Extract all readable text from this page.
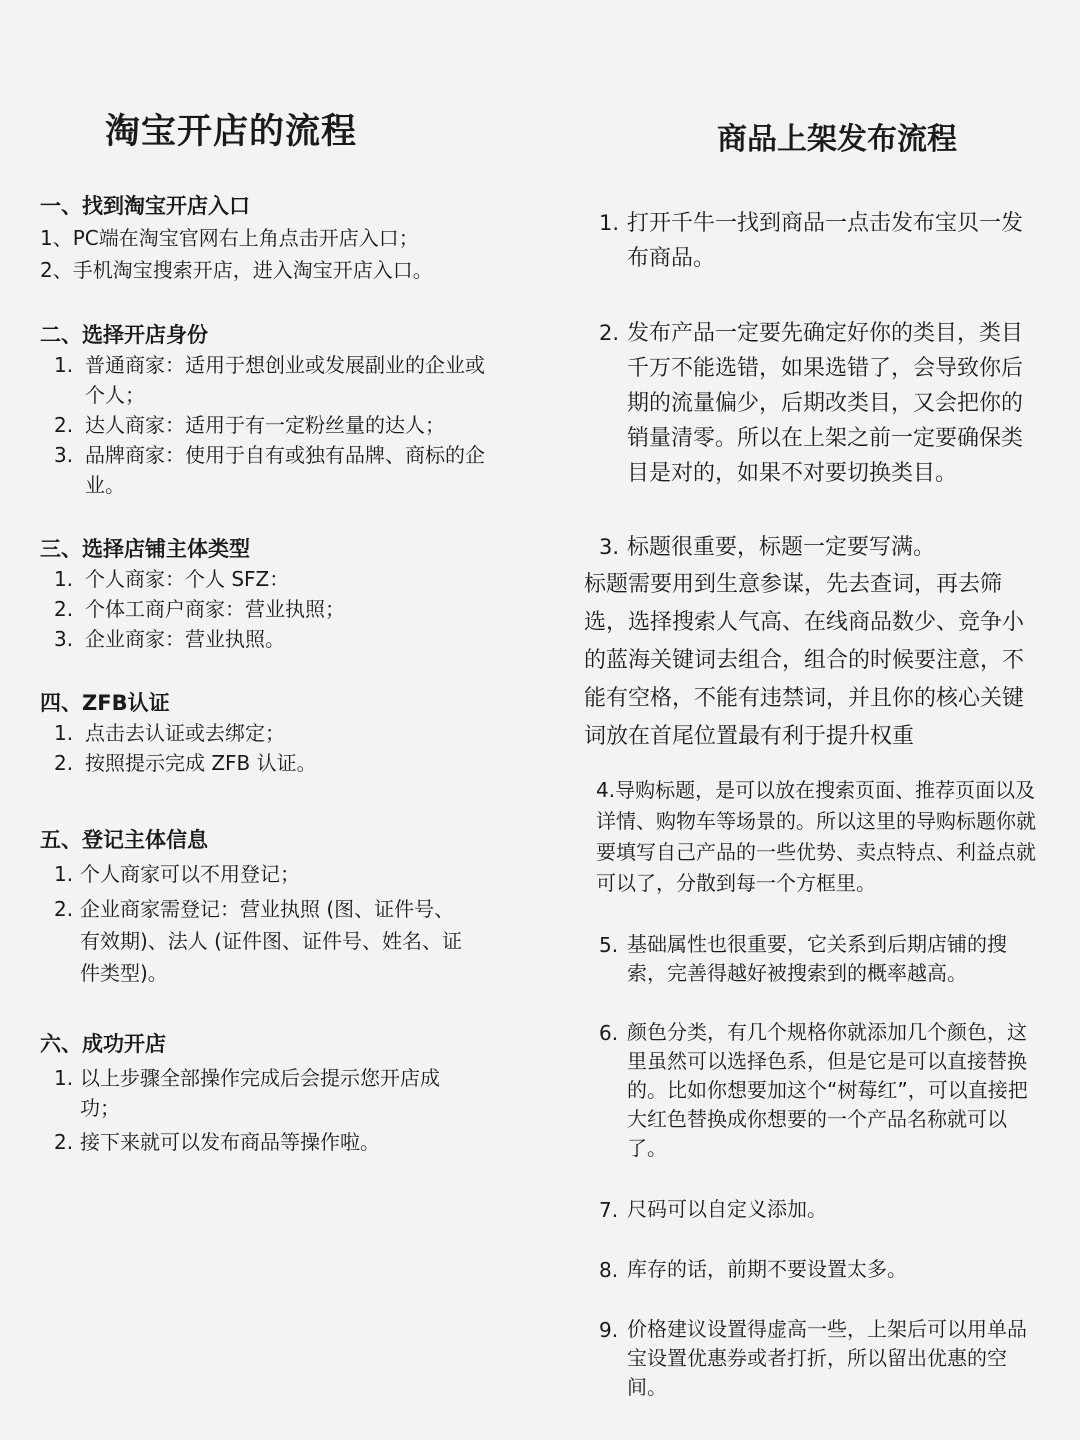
淘宝开店的流程	商品上架发布流程

一、找到淘宝开店入口

1、PC端在淘宝官网右上角点击开店入口；

2、手机淘宝搜索开店，进入淘宝开店入口。

二、选择开店身份

1. 普通商家：适用于想创业或发展副业的企业或个人；
2. 达人商家：适用于有一定粉丝量的达人；
3. 品牌商家：使用于自有或独有品牌、商标的企业。

三、选择店铺主体类型

1. 个人商家：个人 SFZ：
2. 个体工商户商家：营业执照；
3. 企业商家：营业执照。

四、ZFB认证

1. 点击去认证或去绑定；
2. 按照提示完成 ZFB 认证。

五、登记主体信息

1. 个人商家可以不用登记；
2. 企业商家需登记：营业执照 (图、证件号、有效期)、法人 (证件图、证件号、姓名、证件类型)。

六、成功开店

1. 以上步骤全部操作完成后会提示您开店成功；
2. 接下来就可以发布商品等操作啦。
1. 打开千牛一找到商品一点击发布宝贝一发布商品。
2. 发布产品一定要先确定好你的类目，类目千万不能选错，如果选错了，会导致你后期的流量偏少，后期改类目，又会把你的销量清零。所以在上架之前一定要确保类目是对的，如果不对要切换类目。
3. 标题很重要，标题一定要写满。
标题需要用到生意参谋，先去查词，再去筛选，选择搜索人气高、在线商品数少、竞争小的蓝海关键词去组合，组合的时候要注意，不能有空格，不能有违禁词，并且你的核心关键词放在首尾位置最有利于提升权重
4.导购标题，是可以放在搜索页面、推荐页面以及详情、购物车等场景的。所以这里的导购标题你就要填写自己产品的一些优势、卖点特点、利益点就可以了，分散到每一个方框里。
5. 基础属性也很重要，它关系到后期店铺的搜索，完善得越好被搜索到的概率越高。
6. 颜色分类，有几个规格你就添加几个颜色，这里虽然可以选择色系，但是它是可以直接替换的。比如你想要加这个“树莓红”，可以直接把大红色替换成你想要的一个产品名称就可以了。
7. 尺码可以自定义添加。
8. 库存的话，前期不要设置太多。
9. 价格建议设置得虚高一些，上架后可以用单品宝设置优惠券或者打折，所以留出优惠的空间。
